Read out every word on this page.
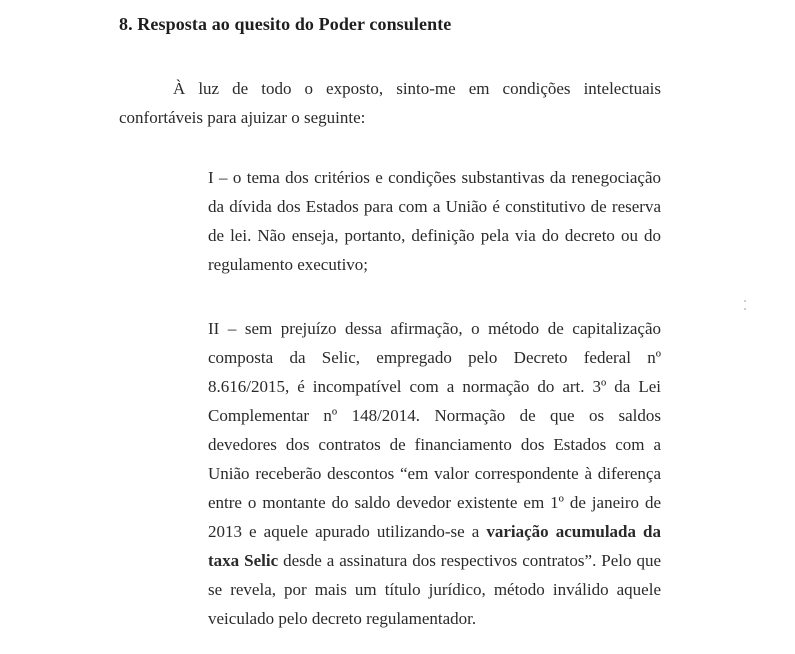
8. Resposta ao quesito do Poder consulente

À luz de todo o exposto, sinto-me em condições intelectuais confortáveis para ajuizar o seguinte:

I – o tema dos critérios e condições substantivas da renegociação da dívida dos Estados para com a União é constitutivo de reserva de lei. Não enseja, portanto, definição pela via do decreto ou do regulamento executivo;

II – sem prejuízo dessa afirmação, o método de capitalização composta da Selic, empregado pelo Decreto federal nº 8.616/2015, é incompatível com a normação do art. 3º da Lei Complementar nº 148/2014. Normação de que os saldos devedores dos contratos de financiamento dos Estados com a União receberão descontos “em valor correspondente à diferença entre o montante do saldo devedor existente em 1º de janeiro de 2013 e aquele apurado utilizando-se a variação acumulada da taxa Selic desde a assinatura dos respectivos contratos”. Pelo que se revela, por mais um título jurídico, método inválido aquele veiculado pelo decreto regulamentador.
